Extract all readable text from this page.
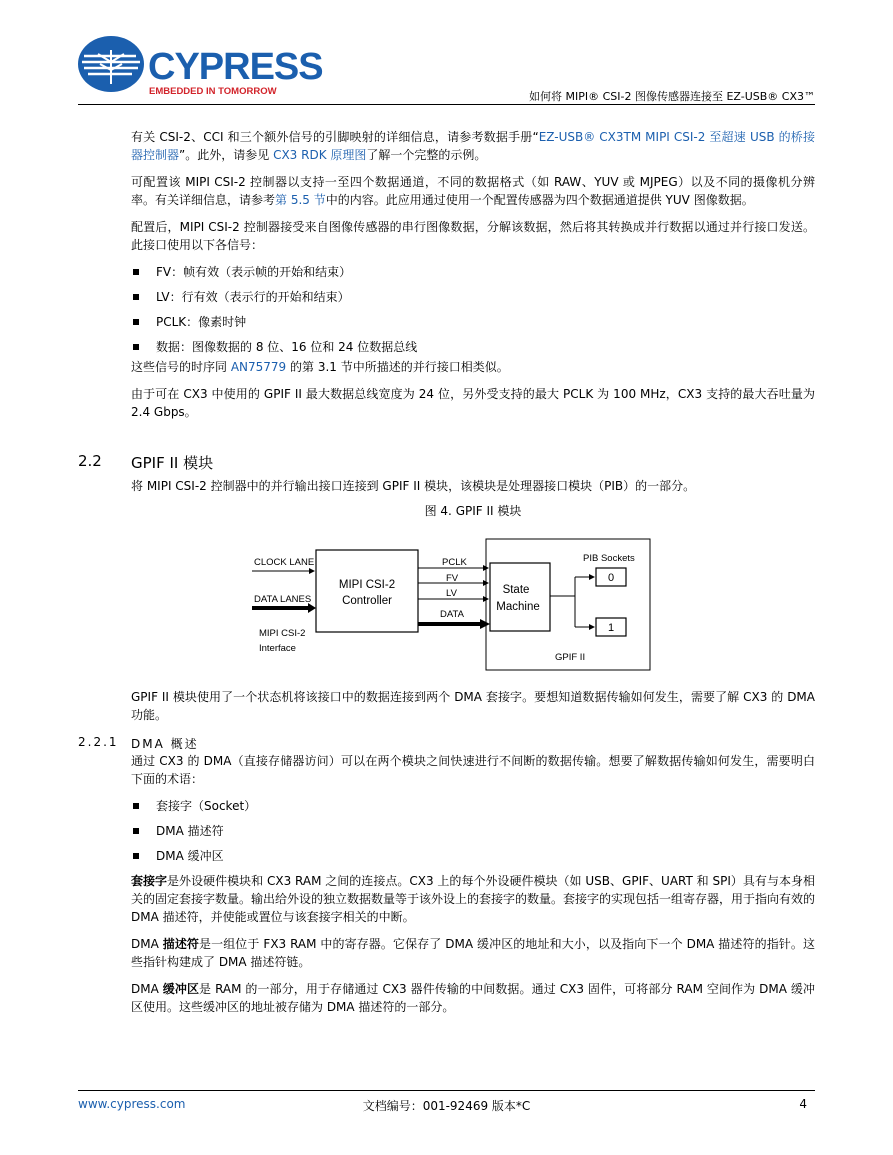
CYPRESS
EMBEDDED IN TOMORROW	如何将 MIPI® CSI-2 图像传感器连接至 EZ-USB® CX3™

有关 CSI-2、CCI 和三个额外信号的引脚映射的详细信息，请参考数据手册“EZ-USB® CX3TM MIPI CSI-2 至超速 USB 的桥接器控制器”。此外，请参见 CX3 RDK 原理图了解一个完整的示例。

可配置该 MIPI CSI-2 控制器以支持一至四个数据通道，不同的数据格式（如 RAW、YUV 或 MJPEG）以及不同的摄像机分辨率。有关详细信息，请参考第 5.5 节中的内容。此应用通过使用一个配置传感器为四个数据通道提供 YUV 图像数据。

配置后，MIPI CSI-2 控制器接受来自图像传感器的串行图像数据，分解该数据，然后将其转换成并行数据以通过并行接口发送。此接口使用以下各信号：

FV：帧有效（表示帧的开始和结束）
LV：行有效（表示行的开始和结束）
PCLK：像素时钟
数据：图像数据的 8 位、16 位和 24 位数据总线

这些信号的时序同 AN75779 的第 3.1 节中所描述的并行接口相类似。

由于可在 CX3 中使用的 GPIF II 最大数据总线宽度为 24 位，另外受支持的最大 PCLK 为 100 MHz，CX3 支持的最大吞吐量为 2.4 Gbps。

2.2 GPIF II 模块

将 MIPI CSI-2 控制器中的并行输出接口连接到 GPIF II 模块，该模块是处理器接口模块（PIB）的一部分。

图 4. GPIF II 模块
MIPI CSI-2
Controller
State
Machine
CLOCK LANE
DATA LANES
MIPI CSI-2
Interface
PCLK
FV
LV
DATA
PIB Sockets
0
1
GPIF II

GPIF II 模块使用了一个状态机将该接口中的数据连接到两个 DMA 套接字。要想知道数据传输如何发生，需要了解 CX3 的 DMA 功能。

2.2.1 DMA 概述

通过 CX3 的 DMA（直接存储器访问）可以在两个模块之间快速进行不间断的数据传输。想要了解数据传输如何发生，需要明白下面的术语：

套接字（Socket）
DMA 描述符
DMA 缓冲区

套接字是外设硬件模块和 CX3 RAM 之间的连接点。CX3 上的每个外设硬件模块（如 USB、GPIF、UART 和 SPI）具有与本身相关的固定套接字数量。输出给外设的独立数据数量等于该外设上的套接字的数量。套接字的实现包括一组寄存器，用于指向有效的 DMA 描述符，并使能或置位与该套接字相关的中断。

DMA 描述符是一组位于 FX3 RAM 中的寄存器。它保存了 DMA 缓冲区的地址和大小，以及指向下一个 DMA 描述符的指针。这些指针构建成了 DMA 描述符链。

DMA 缓冲区是 RAM 的一部分，用于存储通过 CX3 器件传输的中间数据。通过 CX3 固件，可将部分 RAM 空间作为 DMA 缓冲区使用。这些缓冲区的地址被存储为 DMA 描述符的一部分。

www.cypress.com	文档编号：001-92469 版本*C	4
